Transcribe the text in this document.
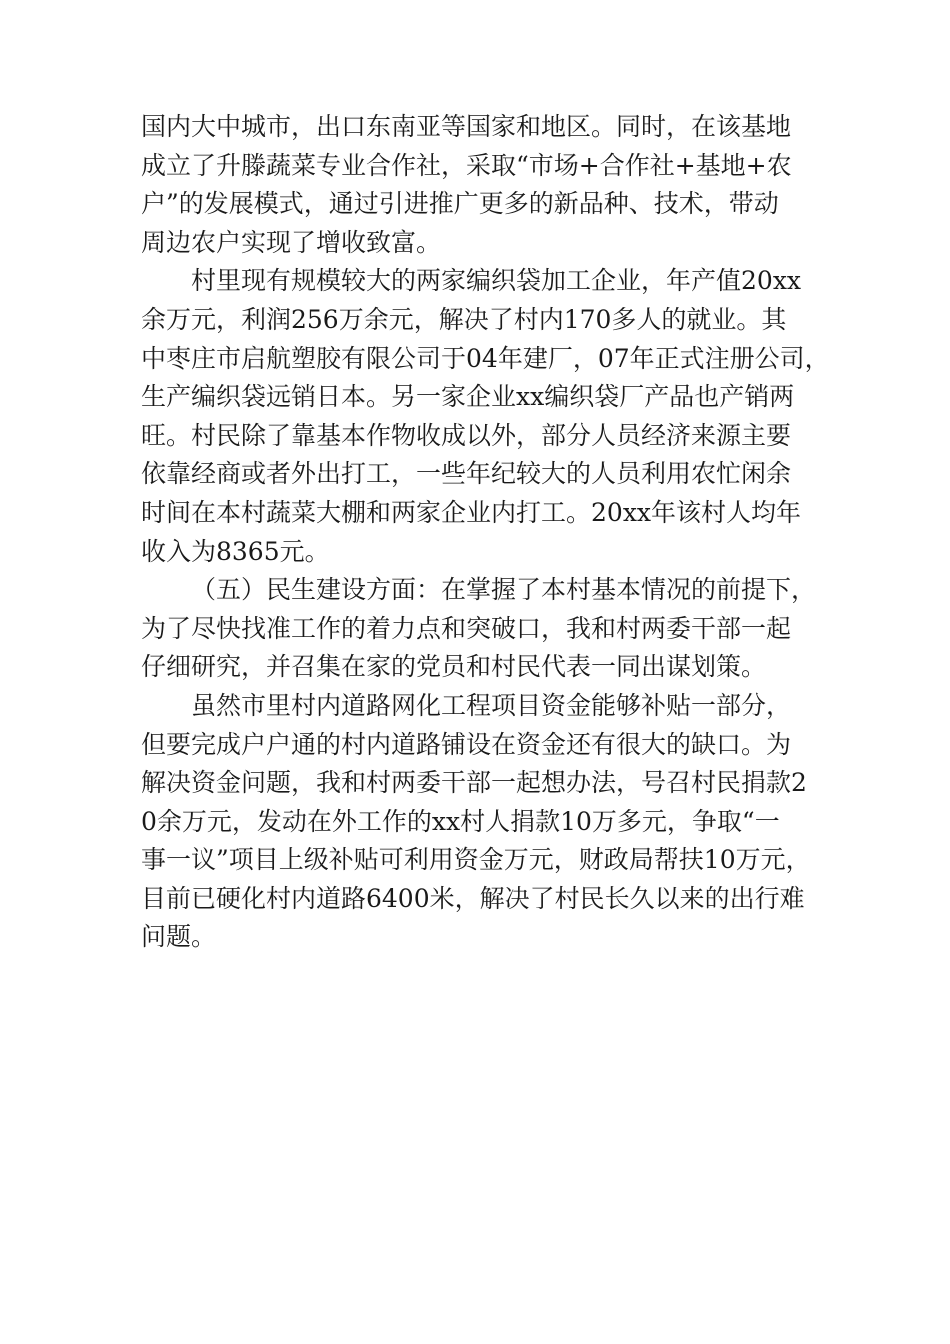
国内大中城市，出口东南亚等国家和地区。同时，在该基地
成立了升滕蔬菜专业合作社，采取“市场+合作社+基地+农
户”的发展模式，通过引进推广更多的新品种、技术，带动
周边农户实现了增收致富。
村里现有规模较大的两家编织袋加工企业，年产值20xx
余万元，利润256万余元，解决了村内170多人的就业。其
中枣庄市启航塑胶有限公司于04年建厂，07年正式注册公司，
生产编织袋远销日本。另一家企业xx编织袋厂产品也产销两
旺。村民除了靠基本作物收成以外，部分人员经济来源主要
依靠经商或者外出打工，一些年纪较大的人员利用农忙闲余
时间在本村蔬菜大棚和两家企业内打工。20xx年该村人均年
收入为8365元。
（五）民生建设方面：在掌握了本村基本情况的前提下，
为了尽快找准工作的着力点和突破口，我和村两委干部一起
仔细研究，并召集在家的党员和村民代表一同出谋划策。
虽然市里村内道路网化工程项目资金能够补贴一部分，
但要完成户户通的村内道路铺设在资金还有很大的缺口。为
解决资金问题，我和村两委干部一起想办法，号召村民捐款2
0余万元，发动在外工作的xx村人捐款10万多元，争取“一
事一议”项目上级补贴可利用资金万元，财政局帮扶10万元，
目前已硬化村内道路6400米，解决了村民长久以来的出行难
问题。
